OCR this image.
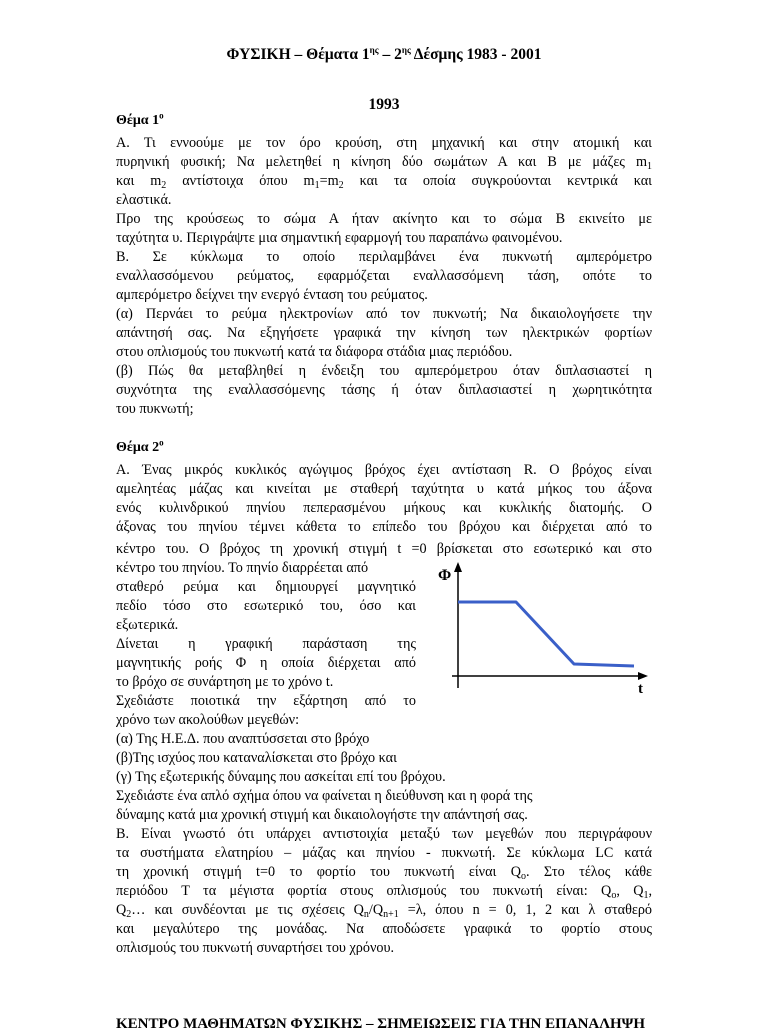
ΦΥΣΙΚΗ – Θέματα $1^{\eta\varsigma} - 2^{\eta\varsigma}$ Δέσμης 1983 - 2001
1993
Θέμα $1^o$
Α. Τι εννοούμε με τον όρο κρούση, στη μηχανική και στην ατομική και
πυρηνική φυσική; Να μελετηθεί η κίνηση δύο σωμάτων Α και Β με μάζες $m_1$
και $m_2$ αντίστοιχα όπου $m_1=m_2$ και τα οποία συγκρούονται κεντρικά και
ελαστικά.
Προ της κρούσεως το σώμα Α ήταν ακίνητο και το σώμα Β εκινείτο με
ταχύτητα υ. Περιγράψτε μια σημαντική εφαρμογή του παραπάνω φαινομένου.
Β. Σε κύκλωμα το οποίο περιλαμβάνει ένα πυκνωτή αμπερόμετρο
εναλλασσόμενου ρεύματος, εφαρμόζεται εναλλασσόμενη τάση, οπότε το
αμπερόμετρο δείχνει την ενεργό ένταση του ρεύματος.
(α) Περνάει το ρεύμα ηλεκτρονίων από τον πυκνωτή; Να δικαιολογήσετε την
απάντησή σας. Να εξηγήσετε γραφικά την κίνηση των ηλεκτρικών φορτίων
στου οπλισμούς του πυκνωτή κατά τα διάφορα στάδια μιας περιόδου.
(β) Πώς θα μεταβληθεί η ένδειξη του αμπερόμετρου όταν διπλασιαστεί η
συχνότητα της εναλλασσόμενης τάσης ή όταν διπλασιαστεί η χωρητικότητα
του πυκνωτή;
Θέμα $2^o$
Α. Ένας μικρός κυκλικός αγώγιμος βρόχος έχει αντίσταση R. Ο βρόχος είναι
αμελητέας μάζας και κινείται με σταθερή ταχύτητα υ κατά μήκος του άξονα
ενός κυλινδρικού πηνίου πεπερασμένου μήκους και κυκλικής διατομής. Ο
άξονας του πηνίου τέμνει κάθετα το επίπεδο του βρόχου και διέρχεται από το
κέντρο του. Ο βρόχος τη χρονική στιγμή t =0 βρίσκεται στο εσωτερικό και στο
κέντρο του πηνίου. Το πηνίο διαρρέεται από
σταθερό ρεύμα και δημιουργεί μαγνητικό
πεδίο τόσο στο εσωτερικό του, όσο και
εξωτερικά.
Δίνεται η γραφική παράσταση της
μαγνητικής ροής Φ η οποία διέρχεται από
το βρόχο σε συνάρτηση με το χρόνο t.
Σχεδιάστε ποιοτικά την εξάρτηση από το
χρόνο των ακολούθων μεγεθών:
(α) Της Η.Ε.Δ. που αναπτύσσεται στο βρόχο
(β)Της ισχύος που καταναλίσκεται στο βρόχο και
(γ) Της εξωτερικής δύναμης που ασκείται επί του βρόχου.
Σχεδιάστε ένα απλό σχήμα όπου να φαίνεται η διεύθυνση και η φορά της
δύναμης κατά μια χρονική στιγμή και δικαιολογήστε την απάντησή σας.
Β. Είναι γνωστό ότι υπάρχει αντιστοιχία μεταξύ των μεγεθών που περιγράφουν
τα συστήματα ελατηρίου – μάζας και πηνίου - πυκνωτή. Σε κύκλωμα LC κατά
τη χρονική στιγμή t=0 το φορτίο του πυκνωτή είναι $Q_o$. Στο τέλος κάθε
περιόδου T τα μέγιστα φορτία στους οπλισμούς του πυκνωτή είναι: $Q_o$, $Q_1$,
$Q_2\dots$ και συνδέονται με τις σχέσεις $Q_n/Q_{n+1} =\lambda$, όπου n = 0, 1, 2 και λ σταθερό
και μεγαλύτερο της μονάδας. Να αποδώσετε γραφικά το φορτίο στους
οπλισμούς του πυκνωτή συναρτήσει του χρόνου.
Φ
t
ΚΕΝΤΡΟ ΜΑΘΗΜΑΤΩΝ ΦΥΣΙΚΗΣ – ΣΗΜΕΙΩΣΕΙΣ ΓΙΑ ΤΗΝ ΕΠΑΝΑΛΗΨΗ
